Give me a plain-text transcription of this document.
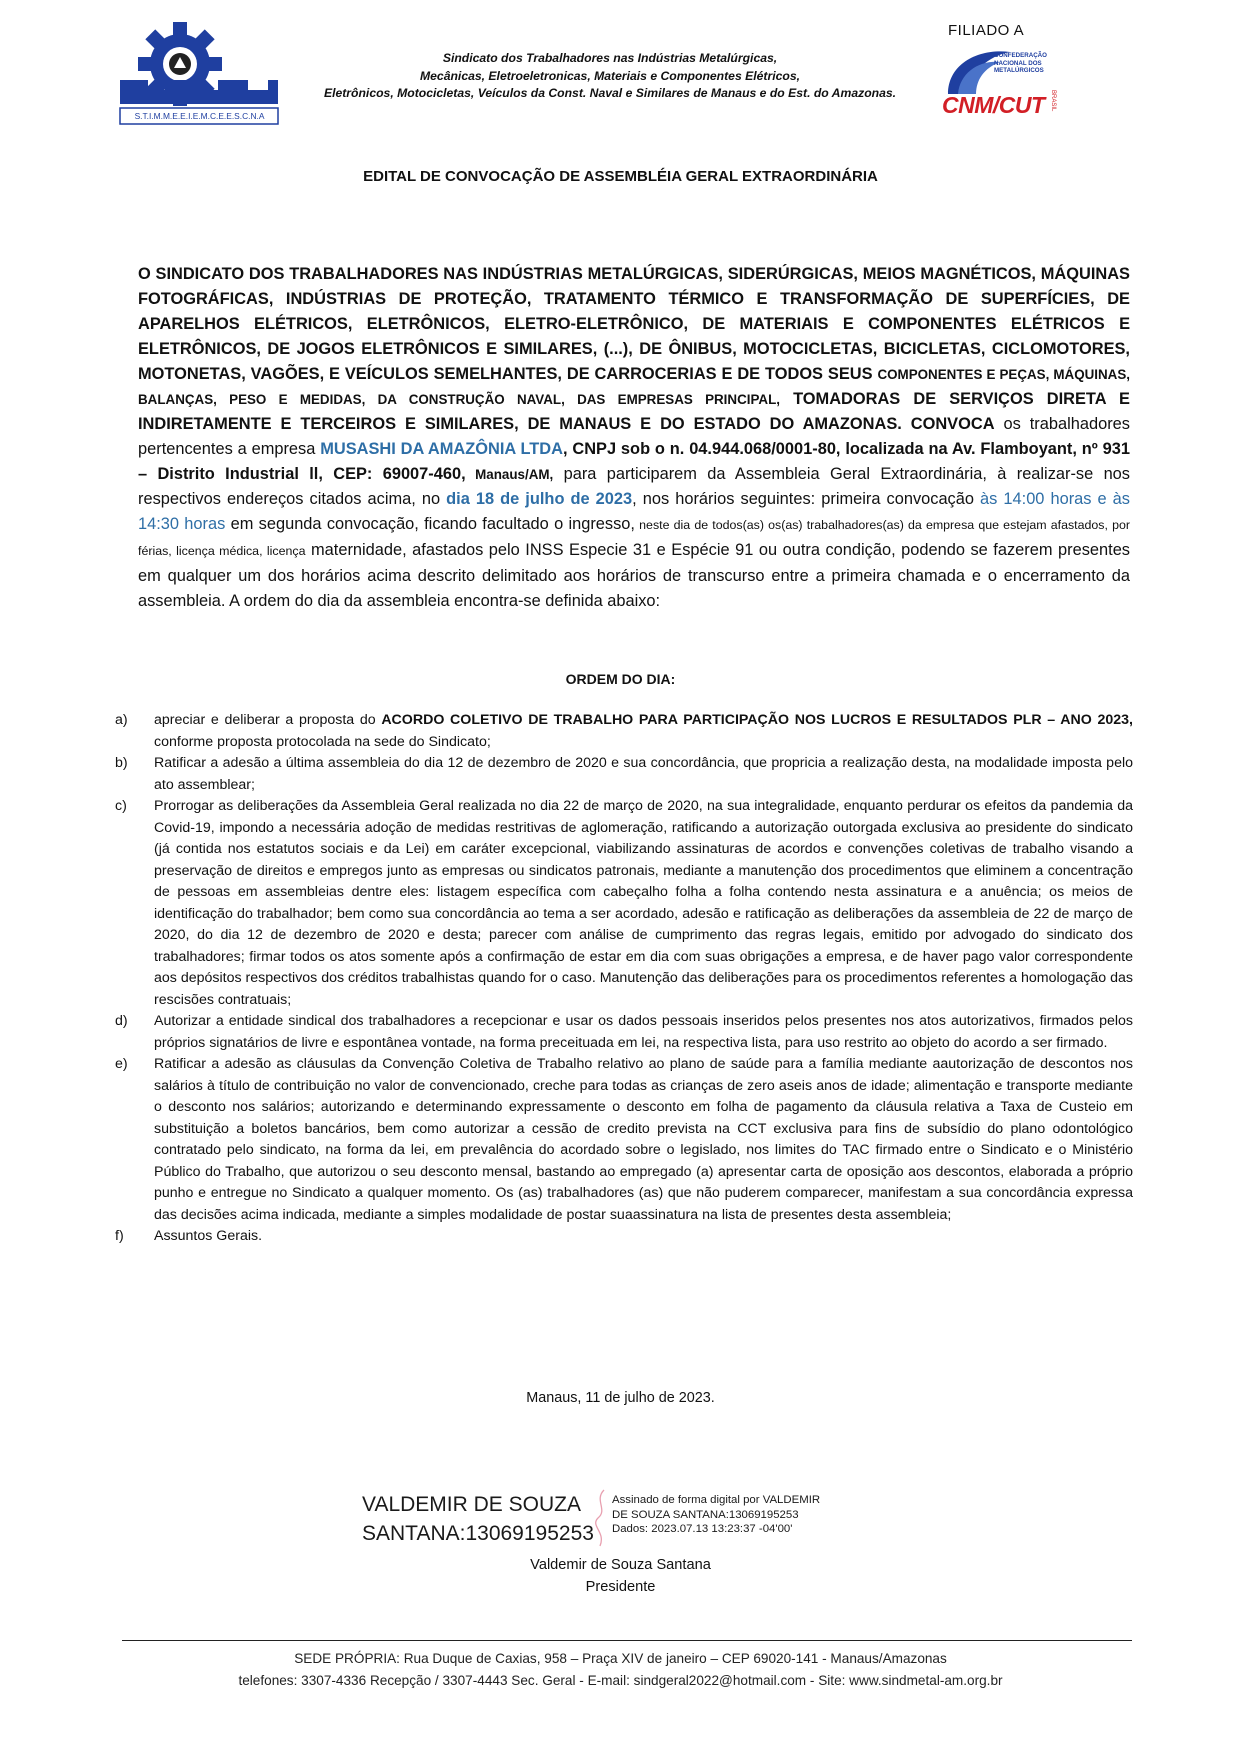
S.T.I.M.M.E.E.I.E.M.C.E.E.S.C.N.A
Sindicato dos Trabalhadores nas Indústrias Metalúrgicas,
Mecânicas, Eletroeletronicas, Materiais e Componentes Elétricos,
Eletrônicos, Motocicletas, Veículos da Const. Naval e Similares de Manaus e do Est. do Amazonas.
FILIADO A
CONFEDERAÇÃO NACIONAL DOS METALÚRGICOS
CNM/CUT BRASIL
EDITAL DE CONVOCAÇÃO DE ASSEMBLÉIA GERAL EXTRAORDINÁRIA
O SINDICATO DOS TRABALHADORES NAS INDÚSTRIAS METALÚRGICAS, SIDERÚRGICAS, MEIOS MAGNÉTICOS, MÁQUINAS FOTOGRÁFICAS, INDÚSTRIAS DE PROTEÇÃO, TRATAMENTO TÉRMICO E TRANSFORMAÇÃO DE SUPERFÍCIES, DE APARELHOS ELÉTRICOS, ELETRÔNICOS, ELETRO-ELETRÔNICO, DE MATERIAIS E COMPONENTES ELÉTRICOS E ELETRÔNICOS, DE JOGOS ELETRÔNICOS E SIMILARES, (...), DE ÔNIBUS, MOTOCICLETAS, BICICLETAS, CICLOMOTORES, MOTONETAS, VAGÕES, E VEÍCULOS SEMELHANTES, DE CARROCERIAS E DE TODOS SEUS COMPONENTES E PEÇAS, MÁQUINAS, BALANÇAS, PESO E MEDIDAS, DA CONSTRUÇÃO NAVAL, DAS EMPRESAS PRINCIPAL, TOMADORAS DE SERVIÇOS DIRETA E INDIRETAMENTE E TERCEIROS E SIMILARES, DE MANAUS E DO ESTADO DO AMAZONAS. CONVOCA os trabalhadores pertencentes a empresa MUSASHI DA AMAZÔNIA LTDA, CNPJ sob o n. 04.944.068/0001-80, localizada na Av. Flamboyant, nº 931 – Distrito Industrial ll, CEP: 69007-460, Manaus/AM, para participarem da Assembleia Geral Extraordinária, à realizar-se nos respectivos endereços citados acima, no dia 18 de julho de 2023, nos horários seguintes: primeira convocação às 14:00 horas e às 14:30 horas em segunda convocação, ficando facultado o ingresso, neste dia de todos(as) os(as) trabalhadores(as) da empresa que estejam afastados, por férias, licença médica, licença maternidade, afastados pelo INSS Especie 31 e Espécie 91 ou outra condição, podendo se fazerem presentes em qualquer um dos horários acima descrito delimitado aos horários de transcurso entre a primeira chamada e o encerramento da assembleia. A ordem do dia da assembleia encontra-se definida abaixo:
ORDEM DO DIA:
a)	apreciar e deliberar a proposta do ACORDO COLETIVO DE TRABALHO PARA PARTICIPAÇÃO NOS LUCROS E RESULTADOS PLR – ANO 2023, conforme proposta protocolada na sede do Sindicato;
b)	Ratificar a adesão a última assembleia do dia 12 de dezembro de 2020 e sua concordância, que propricia a realização desta, na modalidade imposta pelo ato assemblear;
c)	Prorrogar as deliberações da Assembleia Geral realizada no dia 22 de março de 2020, na sua integralidade, enquanto perdurar os efeitos da pandemia da Covid-19, impondo a necessária adoção de medidas restritivas de aglomeração, ratificando a autorização outorgada exclusiva ao presidente do sindicato (já contida nos estatutos sociais e da Lei) em caráter excepcional, viabilizando assinaturas de acordos e convenções coletivas de trabalho visando a preservação de direitos e empregos junto as empresas ou sindicatos patronais, mediante a manutenção dos procedimentos que eliminem a concentração de pessoas em assembleias dentre eles: listagem específica com cabeçalho folha a folha contendo nesta assinatura e a anuência; os meios de identificação do trabalhador; bem como sua concordância ao tema a ser acordado, adesão e ratificação as deliberações da assembleia de 22 de março de 2020, do dia 12 de dezembro de 2020 e desta; parecer com análise de cumprimento das regras legais, emitido por advogado do sindicato dos trabalhadores; firmar todos os atos somente após a confirmação de estar em dia com suas obrigações a empresa, e de haver pago valor correspondente aos depósitos respectivos dos créditos trabalhistas quando for o caso. Manutenção das deliberações para os procedimentos referentes a homologação das rescisões contratuais;
d)	Autorizar a entidade sindical dos trabalhadores a recepcionar e usar os dados pessoais inseridos pelos presentes nos atos autorizativos, firmados pelos próprios signatários de livre e espontânea vontade, na forma preceituada em lei, na respectiva lista, para uso restrito ao objeto do acordo a ser firmado.
e)	Ratificar a adesão as cláusulas da Convenção Coletiva de Trabalho relativo ao plano de saúde para a família mediante aautorização de descontos nos salários à título de contribuição no valor de convencionado, creche para todas as crianças de zero aseis anos de idade; alimentação e transporte mediante o desconto nos salários; autorizando e determinando expressamente o desconto em folha de pagamento da cláusula relativa a Taxa de Custeio em substituição a boletos bancários, bem como autorizar a cessão de credito prevista na CCT exclusiva para fins de subsídio do plano odontológico contratado pelo sindicato, na forma da lei, em prevalência do acordado sobre o legislado, nos limites do TAC firmado entre o Sindicato e o Ministério Público do Trabalho, que autorizou o seu desconto mensal, bastando ao empregado (a) apresentar carta de oposição aos descontos, elaborada a próprio punho e entregue no Sindicato a qualquer momento. Os (as) trabalhadores (as) que não puderem comparecer, manifestam a sua concordância expressa das decisões acima indicada, mediante a simples modalidade de postar suaassinatura na lista de presentes desta assembleia;
f)	Assuntos Gerais.
Manaus, 11 de julho de 2023.
VALDEMIR DE SOUZA
SANTANA:13069195253
Assinado de forma digital por VALDEMIR
DE SOUZA SANTANA:13069195253
Dados: 2023.07.13 13:23:37 -04'00'
Valdemir de Souza Santana
Presidente
SEDE PRÓPRIA: Rua Duque de Caxias, 958 – Praça XIV de janeiro – CEP 69020-141 - Manaus/Amazonas
telefones: 3307-4336 Recepção / 3307-4443 Sec. Geral - E-mail: sindgeral2022@hotmail.com - Site: www.sindmetal-am.org.br
